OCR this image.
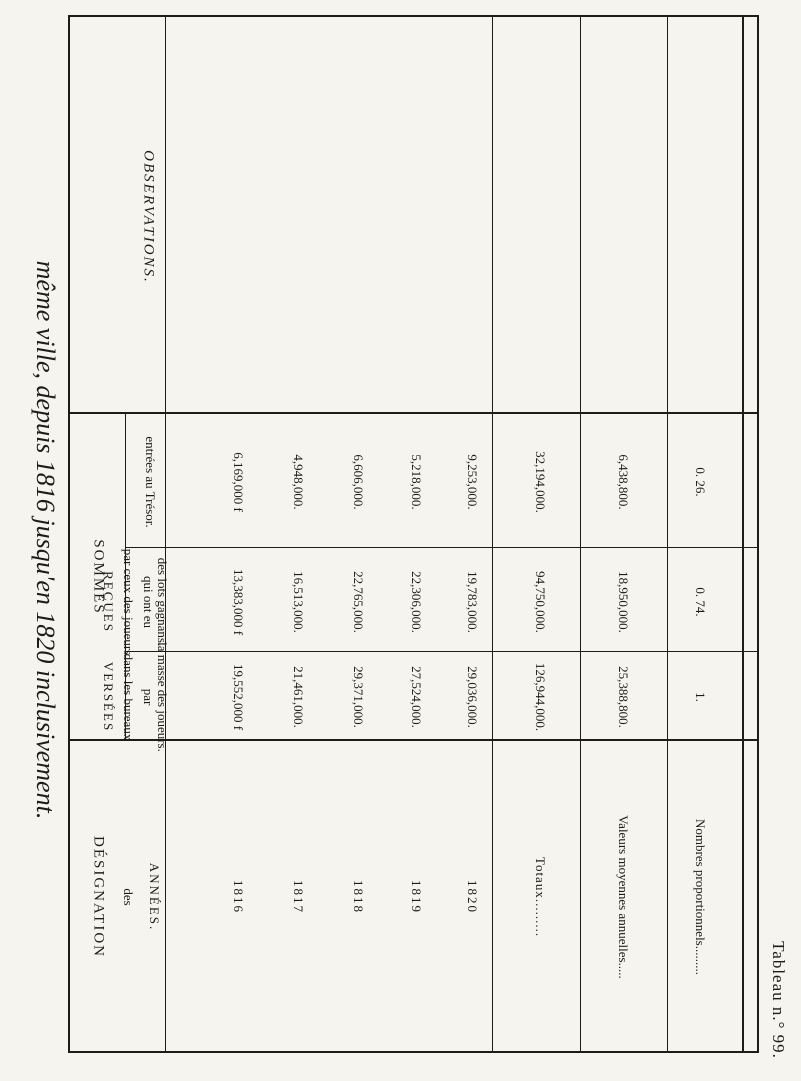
même ville, depuis 1816 jusqu'en 1820 inclusivement.
Tableau n.° 99.
OBSERVATIONS.
SOMMES
DÉSIGNATION des ANNÉES.
VERSÉES dans les bureaux par la masse des joueurs.
REÇUES par ceux des joueurs qui ont eu des lots gagnans.
entrées au Trésor.
1816
19,552,000 f
13,383,000 f
6,169,000 f
1817
21,461,000.
16,513,000.
4,948,000.
1818
29,371,000.
22,765,000.
6,606,000.
1819
27,524,000.
22,306,000.
5,218,000.
1820
29,036,000.
19,783,000.
9,253,000.
Totaux.........
126,944,000.
94,750,000.
32,194,000.
Valeurs moyennes annuelles.....
25,388,800.
18,950,000.
6,438,800.
Nombres proportionnels.........
1.
0. 74.
0. 26.
